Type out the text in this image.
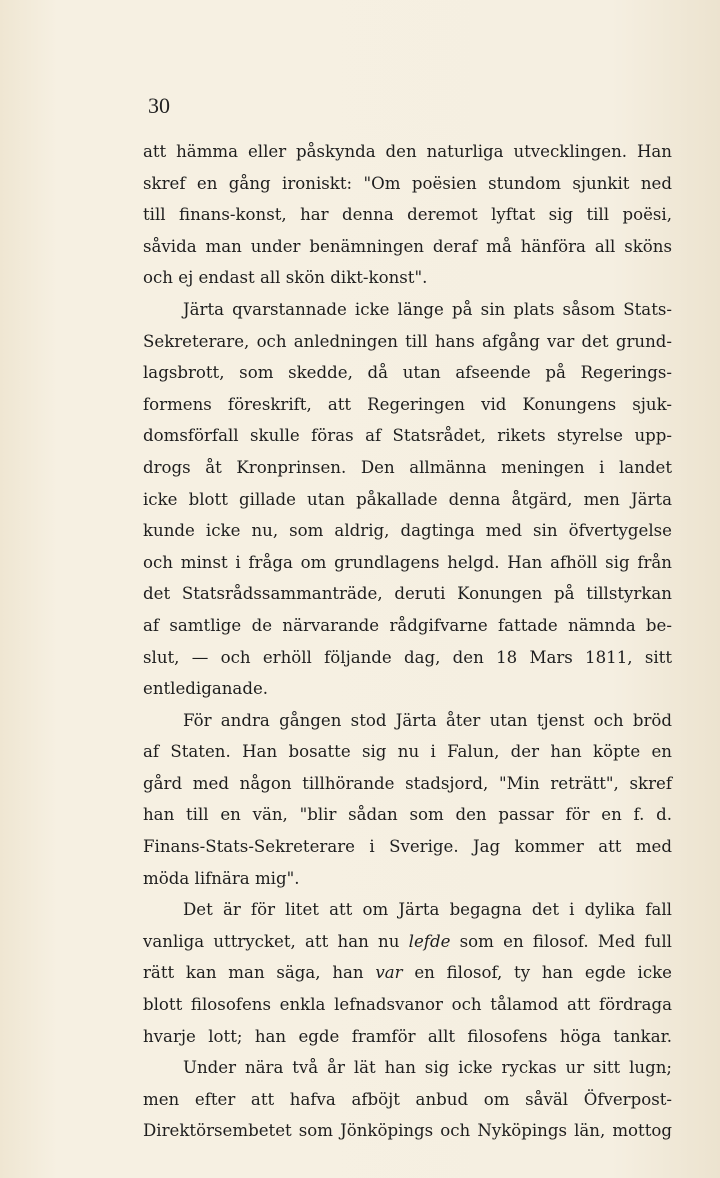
30
att hämma eller påskynda den naturliga utvecklingen. Han
skref en gång ironiskt: "Om poësien stundom sjunkit ned
till finans-konst, har denna deremot lyftat sig till poësi,
såvida man under benämningen deraf må hänföra all sköns
och ej endast all skön dikt-konst".
Järta qvarstannade icke länge på sin plats såsom Stats-
Sekreterare, och anledningen till hans afgång var det grund-
lagsbrott, som skedde, då utan afseende på Regerings-
formens föreskrift, att Regeringen vid Konungens sjuk-
domsförfall skulle föras af Statsrådet, rikets styrelse upp-
drogs åt Kronprinsen. Den allmänna meningen i landet
icke blott gillade utan påkallade denna åtgärd, men Järta
kunde icke nu, som aldrig, dagtinga med sin öfvertygelse
och minst i fråga om grundlagens helgd. Han afhöll sig från
det Statsrådssammanträde, deruti Konungen på tillstyrkan
af samtlige de närvarande rådgifvarne fattade nämnda be-
slut, — och erhöll följande dag, den 18 Mars 1811, sitt
entlediganade.
För andra gången stod Järta åter utan tjenst och bröd
af Staten. Han bosatte sig nu i Falun, der han köpte en
gård med någon tillhörande stadsjord, "Min reträtt", skref
han till en vän, "blir sådan som den passar för en f. d.
Finans-Stats-Sekreterare i Sverige. Jag kommer att med
möda lifnära mig".
Det är för litet att om Järta begagna det i dylika fall
vanliga uttrycket, att han nu lefde som en filosof. Med full
rätt kan man säga, han var en filosof, ty han egde icke
blott filosofens enkla lefnadsvanor och tålamod att fördraga
hvarje lott; han egde framför allt filosofens höga tankar.
Under nära två år lät han sig icke ryckas ur sitt lugn;
men efter att hafva afböjt anbud om såväl Öfverpost-
Direktörsembetet som Jönköpings och Nyköpings län, mottog
